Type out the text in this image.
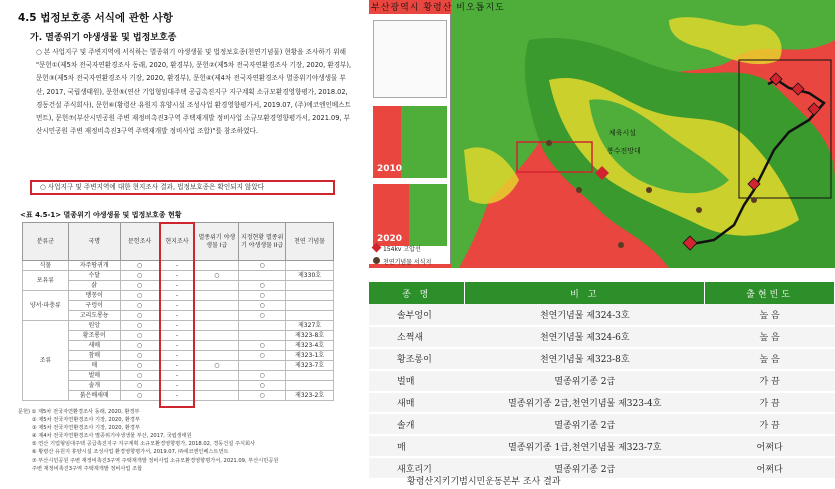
4.5 법정보호종 서식에 관한 사항
가. 멸종위기 야생생물 및 법정보호종
○ 본 사업지구 및 주변지역에 서식하는 멸종위기 야생생물 및 법정보호종(천연기념물) 현황을 조사하기 위해 "문헌①(제5차 전국자연환경조사 동래, 2020, 환경부), 문헌②(제5차 전국자연환경조사 기장, 2020, 환경부), 문헌③(제5차 전국자연환경조사 기장, 2020, 환경부), 문헌④(제4차 전국자연환경조사 멸종위기야생생물 부산, 2017, 국립생태원), 문헌⑤(연산 기업형임대주택 공급촉진지구 지구계획 소규모환경영향평가, 2018.02, 경동건설 주식회사), 문헌⑥(황령산 유원지 휴양시설 조성사업 환경영향평가서, 2019.07, (주)에코엔인베스트먼트), 문헌⑦(부산시민공원 주변 재정비촉진3구역 주택재개발 정비사업 소규모환경영향평가서, 2021.09, 부산시민공원 주변 재정비촉진3구역 주택재개발 정비사업 조합)"를 참조하였다.
○ 사업지구 및 주변지역에 대한 현지조사 결과, 법정보호종은 확인되지 않았다
<표 4.5-1> 멸종위기 야생생물 및 법정보호종 현황
분류군	국명	문헌조사	현지조사	멸종위기 야생생물 I급	지정현황 멸종위기 야생생물 II급	천연 기념물
식물	자주땅귀개	○	-		○	
포유류	수달	○	-	○		제330호
	삵	○	-		○	
양서·파충류	맹꽁이	○	-		○	
	구렁이	○	-		○	
	고리도롱뇽	○	-		○	
조류	원앙	○	-			제327호
	황조롱이	○	-			제323-8호
	새매	○	-		○	제323-4호
	참매	○	-		○	제323-1호
	매	○	-	○		제323-7호
	벌매	○	-		○	
	솔개	○	-		○	
	붉은배새매	○	-		○	제323-2호
문헌) ① 제5차 전국자연환경조사 동래, 2020, 환경부
② 제5차 전국자연환경조사 기장, 2020, 환경부
③ 제5차 전국자연환경조사 기장, 2020, 환경부
④ 제4차 전국자연환경조사 멸종위기야생생물 부산, 2017, 국립생태원
⑤ 연산 기업형임대주택 공급촉진지구 지구계획 소규모환경영향평가, 2018.02, 경동건설 주식회사
⑥ 황령산 유원지 휴양시설 조성사업 환경영향평가서, 2019.07, ㈜에코엔인베스트먼트
⑦ 부산시민공원 주변 재정비촉진3구역 주택재개발 정비사업 소규모환경영향평가서, 2021.09, 부산시민공원
주변 재정비촉진3구역 주택재개발 정비사업 조합
부산광역시 황령산 비오톱지도
2010
2020
체육시설
봉수전망대
154kv 고압선
천연기념물 서식지
종 명	비 고	출현빈도
솔부엉이	천연기념물 제324-3호	높 음
소쩍새	천연기념물 제324-6호	높 음
황조롱이	천연기념물 제323-8호	높 음
벌매	멸종위기종 2급	가 끔
새매	멸종위기종 2급,천연기념물 제323-4호	가 끔
솔개	멸종위기종 2급	가 끔
매	멸종위기종 1급,천연기념물 제323-7호	어쩌다
새호리기	멸종위기종 2급	어쩌다
황령산지키기범시민운동본부 조사 결과
